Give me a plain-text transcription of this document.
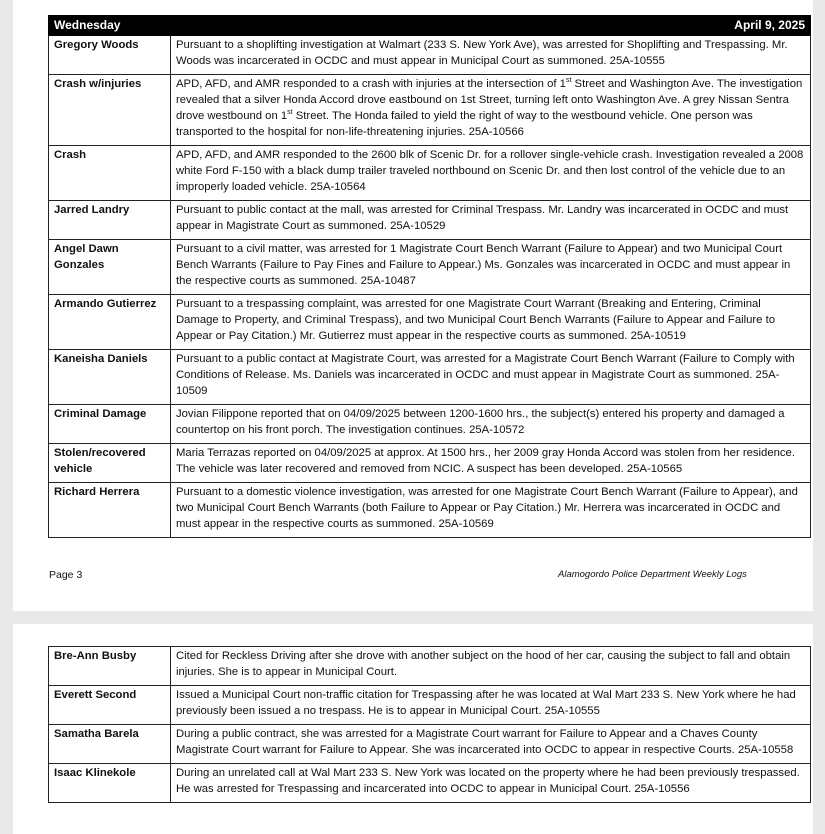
Wednesday	April 9, 2025
Gregory Woods	Pursuant to a shoplifting investigation at Walmart (233 S. New York Ave), was arrested for Shoplifting and Trespassing. Mr. Woods was incarcerated in OCDC and must appear in Municipal Court as summoned. 25A-10555
Crash w/injuries	APD, AFD, and AMR responded to a crash with injuries at the intersection of 1st Street and Washington Ave. The investigation revealed that a silver Honda Accord drove eastbound on 1st Street, turning left onto Washington Ave. A grey Nissan Sentra drove westbound on 1st Street. The Honda failed to yield the right of way to the westbound vehicle. One person was transported to the hospital for non-life-threatening injuries. 25A-10566
Crash	APD, AFD, and AMR responded to the 2600 blk of Scenic Dr. for a rollover single-vehicle crash. Investigation revealed a 2008 white Ford F-150 with a black dump trailer traveled northbound on Scenic Dr. and then lost control of the vehicle due to an improperly loaded vehicle. 25A-10564
Jarred Landry	Pursuant to public contact at the mall, was arrested for Criminal Trespass. Mr. Landry was incarcerated in OCDC and must appear in Magistrate Court as summoned. 25A-10529
Angel Dawn Gonzales	Pursuant to a civil matter, was arrested for 1 Magistrate Court Bench Warrant (Failure to Appear) and two Municipal Court Bench Warrants (Failure to Pay Fines and Failure to Appear.) Ms. Gonzales was incarcerated in OCDC and must appear in the respective courts as summoned. 25A-10487
Armando Gutierrez	Pursuant to a trespassing complaint, was arrested for one Magistrate Court Warrant (Breaking and Entering, Criminal Damage to Property, and Criminal Trespass), and two Municipal Court Bench Warrants (Failure to Appear and Failure to Appear or Pay Citation.) Mr. Gutierrez must appear in the respective courts as summoned. 25A-10519
Kaneisha Daniels	Pursuant to a public contact at Magistrate Court, was arrested for a Magistrate Court Bench Warrant (Failure to Comply with Conditions of Release. Ms. Daniels was incarcerated in OCDC and must appear in Magistrate Court as summoned. 25A-10509
Criminal Damage	Jovian Filippone reported that on 04/09/2025 between 1200-1600 hrs., the subject(s) entered his property and damaged a countertop on his front porch. The investigation continues. 25A-10572
Stolen/recovered vehicle	Maria Terrazas reported on 04/09/2025 at approx. At 1500 hrs., her 2009 gray Honda Accord was stolen from her residence. The vehicle was later recovered and removed from NCIC. A suspect has been developed. 25A-10565
Richard Herrera	Pursuant to a domestic violence investigation, was arrested for one Magistrate Court Bench Warrant (Failure to Appear), and two Municipal Court Bench Warrants (both Failure to Appear or Pay Citation.) Mr. Herrera was incarcerated in OCDC and must appear in the respective courts as summoned. 25A-10569
Page 3	Alamogordo Police Department Weekly Logs
Bre-Ann Busby	Cited for Reckless Driving after she drove with another subject on the hood of her car, causing the subject to fall and obtain injuries. She is to appear in Municipal Court.
Everett Second	Issued a Municipal Court non-traffic citation for Trespassing after he was located at Wal Mart 233 S. New York where he had previously been issued a no trespass. He is to appear in Municipal Court. 25A-10555
Samatha Barela	During a public contract, she was arrested for a Magistrate Court warrant for Failure to Appear and a Chaves County Magistrate Court warrant for Failure to Appear. She was incarcerated into OCDC to appear in respective Courts. 25A-10558
Isaac Klinekole	During an unrelated call at Wal Mart 233 S. New York was located on the property where he had been previously trespassed. He was arrested for Trespassing and incarcerated into OCDC to appear in Municipal Court. 25A-10556
